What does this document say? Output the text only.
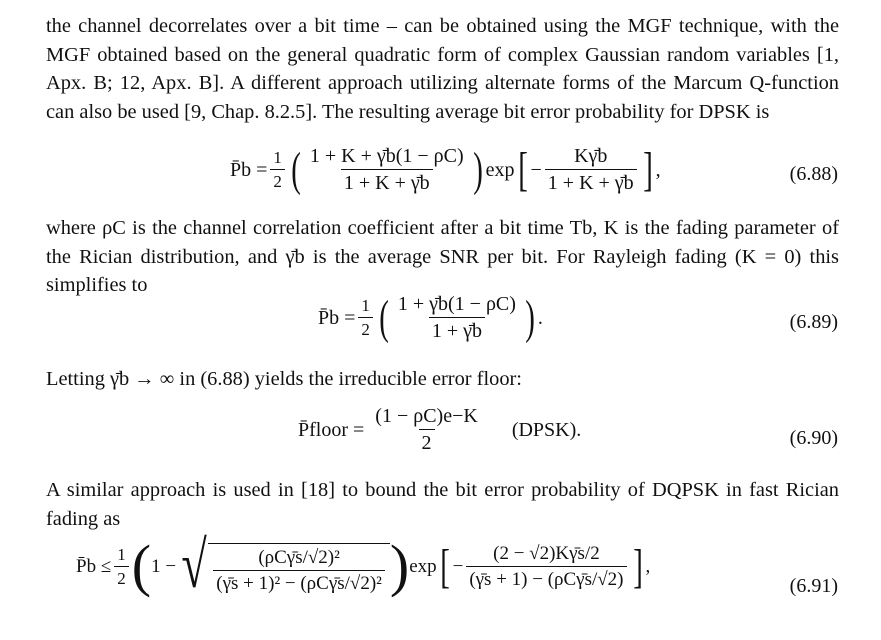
the channel decorrelates over a bit time – can be obtained using the MGF technique, with the MGF obtained based on the general quadratic form of complex Gaussian random variables [1, Apx. B; 12, Apx. B]. A different approach utilizing alternate forms of the Marcum Q-function can also be used [9, Chap. 8.2.5]. The resulting average bit error probability for DPSK is
P̄b = $\frac{1}{2}$ ( $\frac{1 + K + \gammāb(1 - \rho C)}{1 + K + \gammāb}$ ) exp [ − $\frac{K\gammāb}{1 + K + \gammāb}$ ] ,	(6.88)
where ρC is the channel correlation coefficient after a bit time Tb, K is the fading parameter of the Rician distribution, and γ̄b is the average SNR per bit. For Rayleigh fading (K = 0) this simplifies to
P̄b = $\frac{1}{2}$ ( $\frac{1 + \gammāb(1 - \rho C)}{1 + \gammāb}$ ) .	(6.89)
Letting γ̄b → ∞ in (6.88) yields the irreducible error floor:
P̄floor = $\frac{(1 - \rho C)e-K}{2}$ (DPSK).	(6.90)
A similar approach is used in [18] to bound the bit error probability of DQPSK in fast Rician fading as
P̄b ≤ $\frac{1}{2}$ ( 1 − √ $\frac{\text{(ρCγ̄s/√2)²}}{\text{(γ̄s + 1)² − (ρCγ̄s/√2)²}}$ ) exp [ − $\frac{(2 - √2)K\gammās/2}{\text{(γ̄s + 1) − (ρCγ̄s/√2)}}$ ] ,
(6.91)
